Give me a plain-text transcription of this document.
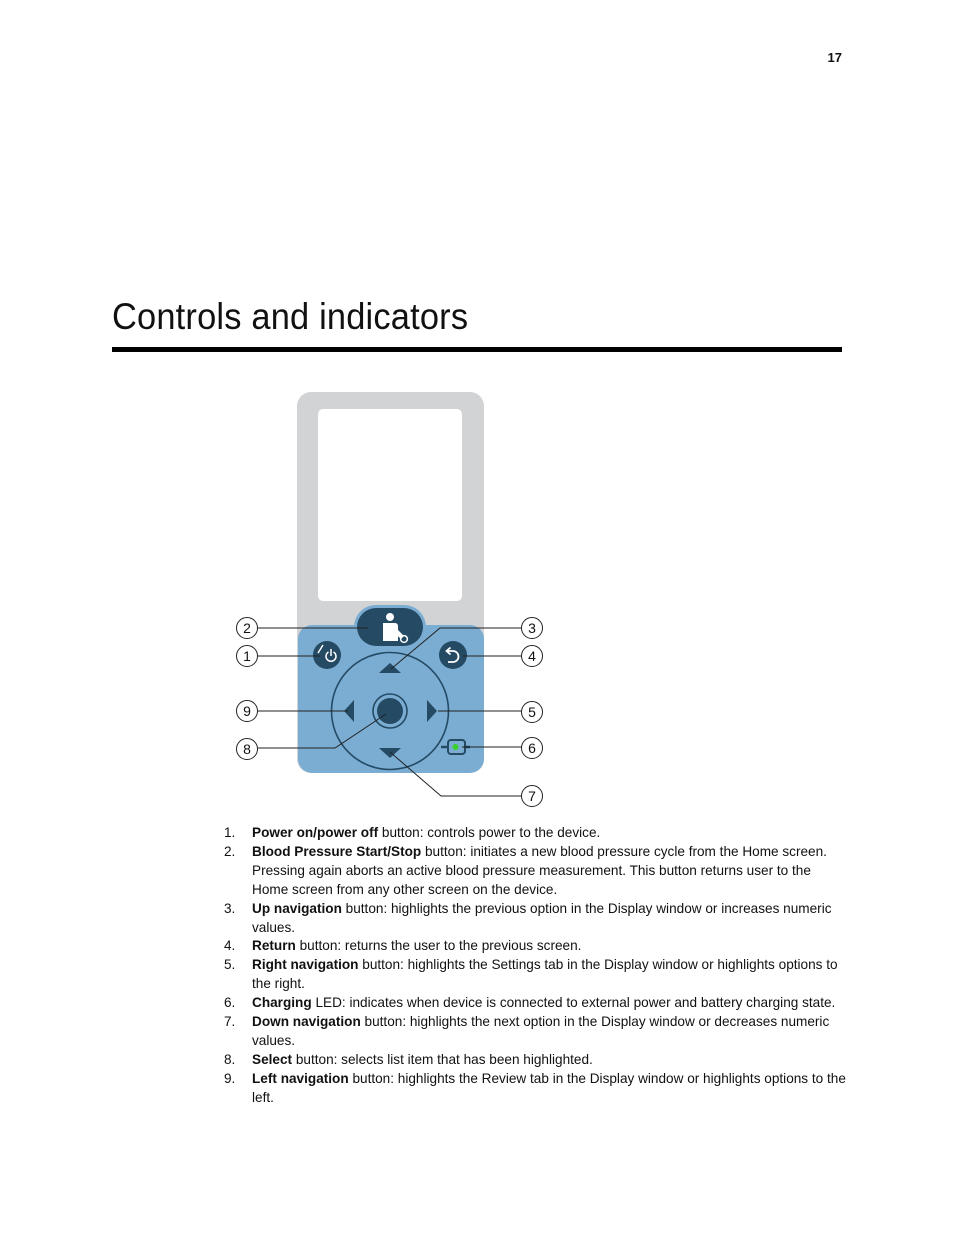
17
Controls and indicators
2
1
9
8
3
4
5
6
7
1. Power on/power off button: controls power to the device.
2. Blood Pressure Start/Stop button: initiates a new blood pressure cycle from the Home screen. Pressing again aborts an active blood pressure measurement. This button returns user to the Home screen from any other screen on the device.
3. Up navigation button: highlights the previous option in the Display window or increases numeric values.
4. Return button: returns the user to the previous screen.
5. Right navigation button: highlights the Settings tab in the Display window or highlights options to the right.
6. Charging LED: indicates when device is connected to external power and battery charging state.
7. Down navigation button: highlights the next option in the Display window or decreases numeric values.
8. Select button: selects list item that has been highlighted.
9. Left navigation button: highlights the Review tab in the Display window or highlights options to the left.
